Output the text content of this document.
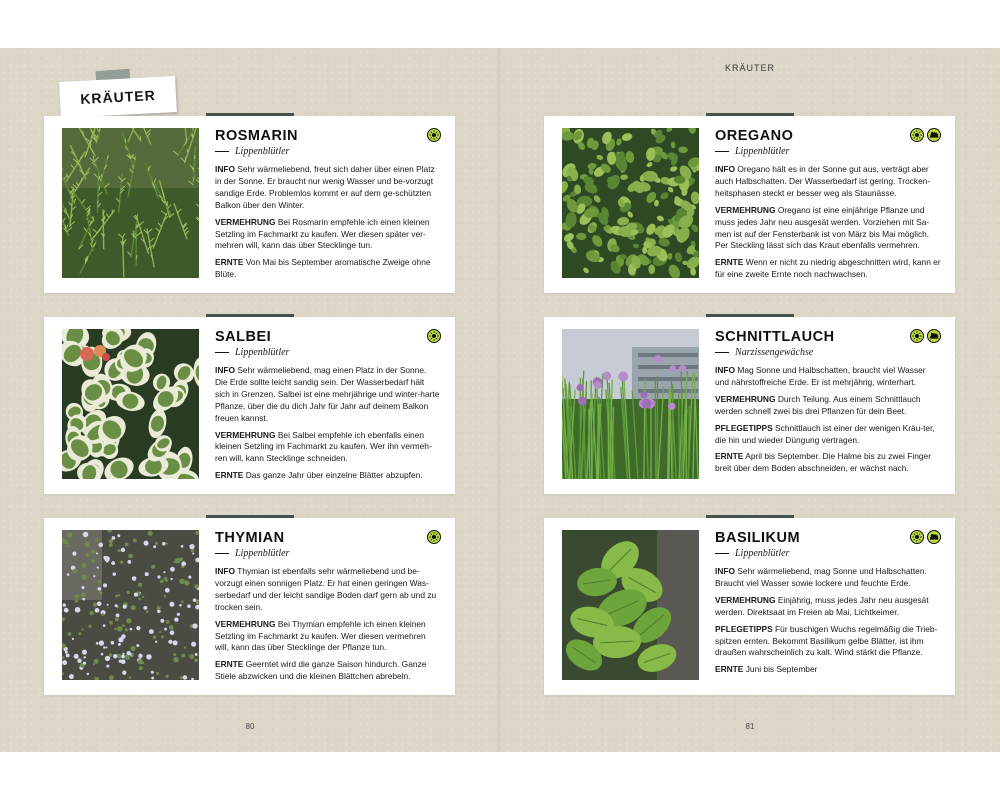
KRÄUTER
KRÄUTER
ROSMARIN
Lippenblütler
INFO Sehr wärmeliebend, freut sich daher über einen Platz in der Sonne. Er braucht nur wenig Wasser und be-vorzugt sandige Erde. Problemlos kommt er auf dem ge-schützten Balkon über den Winter.
VERMEHRUNG Bei Rosmarin empfehle ich einen kleinen Setzling im Fachmarkt zu kaufen. Wer diesen später ver-mehren will, kann das über Stecklinge tun.
ERNTE Von Mai bis September aromatische Zweige ohne Blüte.
OREGANO
Lippenblütler
INFO Oregano hält es in der Sonne gut aus, verträgt aber auch Halbschatten. Der Wasserbedarf ist gering. Trocken-heitsphasen steckt er besser weg als Staunässe.
VERMEHRUNG Oregano ist eine einjährige Pflanze und muss jedes Jahr neu ausgesät werden. Vorziehen mit Sa-men ist auf der Fensterbank ist von März bis Mai möglich. Per Steckling lässt sich das Kraut ebenfalls vermehren.
ERNTE Wenn er nicht zu niedrig abgeschnitten wird, kann er für eine zweite Ernte noch nachwachsen.
SALBEI
Lippenblütler
INFO Sehr wärmeliebend, mag einen Platz in der Sonne. Die Erde sollte leicht sandig sein. Der Wasserbedarf hält sich in Grenzen. Salbei ist eine mehrjährige und winter-harte Pflanze, über die du dich Jahr für Jahr auf deinem Balkon freuen kannst.
VERMEHRUNG Bei Salbei empfehle ich ebenfalls einen kleinen Setzling im Fachmarkt zu kaufen. Wer ihn vermeh-ren will, kann Stecklinge schneiden.
ERNTE Das ganze Jahr über einzelne Blätter abzupfen.
SCHNITTLAUCH
Narzissengewächse
INFO Mag Sonne und Halbschatten, braucht viel Wasser und nährstoffreiche Erde. Er ist mehrjährig, winterhart.
VERMEHRUNG Durch Teilung. Aus einem Schnittlauch werden schnell zwei bis drei Pflanzen für dein Beet.
PFLEGETIPPS Schnittlauch ist einer der wenigen Kräu-ter, die hin und wieder Düngung vertragen.
ERNTE April bis September. Die Halme bis zu zwei Finger breit über dem Boden abschneiden, er wächst nach.
THYMIAN
Lippenblütler
INFO Thymian ist ebenfalls sehr wärmeliebend und be-vorzugt einen sonnigen Platz. Er hat einen geringen Was-serbedarf und der leicht sandige Boden darf gern ab und zu trocken sein.
VERMEHRUNG Bei Thymian empfehle ich einen kleinen Setzling im Fachmarkt zu kaufen. Wer diesen vermehren will, kann das über Stecklinge der Pflanze tun.
ERNTE Geerntet wird die ganze Saison hindurch. Ganze Stiele abzwicken und die kleinen Blättchen abrebeln.
BASILIKUM
Lippenblütler
INFO Sehr wärmeliebend, mag Sonne und Halbschatten. Braucht viel Wasser sowie lockere und feuchte Erde.
VERMEHRUNG Einjährig, muss jedes Jahr neu ausgesät werden. Direktsaat im Freien ab Mai, Lichtkeimer.
PFLEGETIPPS Für buschigen Wuchs regelmäßig die Trieb-spitzen ernten. Bekommt Basilikum gelbe Blätter, ist ihm draußen wahrscheinlich zu kalt. Wind stärkt die Pflanze.
ERNTE Juni bis September
80	81
